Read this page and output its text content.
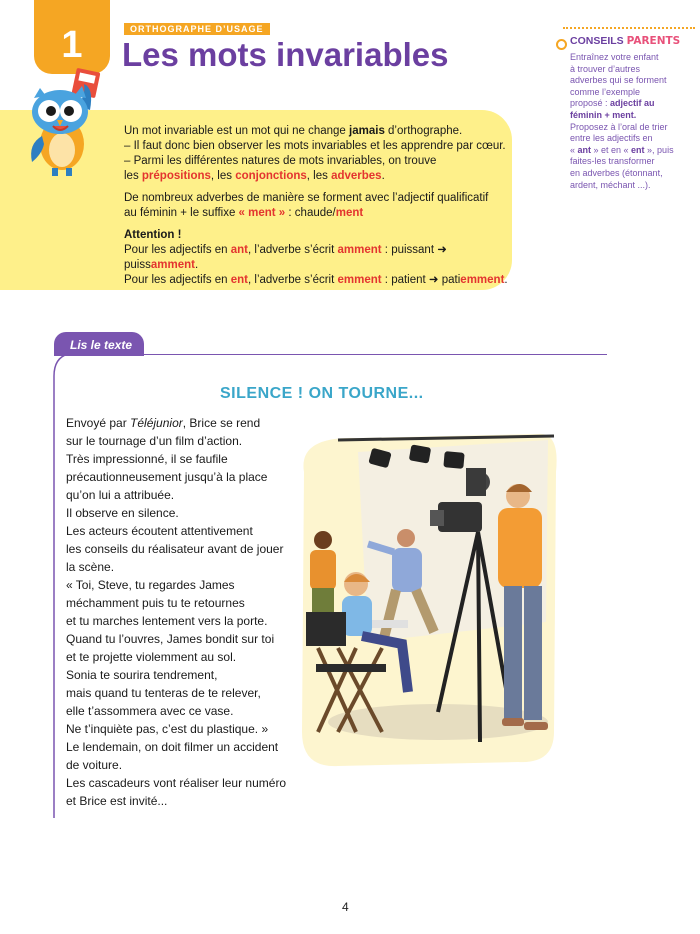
1	ORTHOGRAPHE D’USAGE
Les mots invariables	CONSEILS PARENTS
Entraînez votre enfant
à trouver d’autres
adverbes qui se forment
comme l’exemple
proposé : adjectif au
féminin + ment.
Proposez à l’oral de trier
entre les adjectifs en
« ant » et en « ent », puis
faites-les transformer
en adverbes (étonnant,
ardent, méchant ...).

Un mot invariable est un mot qui ne change jamais d’orthographe.
– Il faut donc bien observer les mots invariables et les apprendre par cœur.
– Parmi les différentes natures de mots invariables, on trouve
les prépositions, les conjonctions, les adverbes.

De nombreux adverbes de manière se forment avec l’adjectif qualificatif
au féminin + le suffixe « ment » : chaude/ment

Attention !
Pour les adjectifs en ant, l’adverbe s’écrit amment : puissant ➜ puissamment.
Pour les adjectifs en ent, l’adverbe s’écrit emment : patient ➜ patiemment.

Lis le texte
SILENCE ! ON TOURNE...
Envoyé par Téléjunior, Brice se rend
sur le tournage d’un film d’action.
Très impressionné, il se faufile
précautionneusement jusqu’à la place
qu’on lui a attribuée.
Il observe en silence.
Les acteurs écoutent attentivement
les conseils du réalisateur avant de jouer
la scène.
« Toi, Steve, tu regardes James
méchamment puis tu te retournes
et tu marches lentement vers la porte.
Quand tu l’ouvres, James bondit sur toi
et te projette violemment au sol.
Sonia te sourira tendrement,
mais quand tu tenteras de te relever,
elle t’assommera avec ce vase.
Ne t’inquiète pas, c’est du plastique. »
Le lendemain, on doit filmer un accident
de voiture.
Les cascadeurs vont réaliser leur numéro
et Brice est invité...
4
